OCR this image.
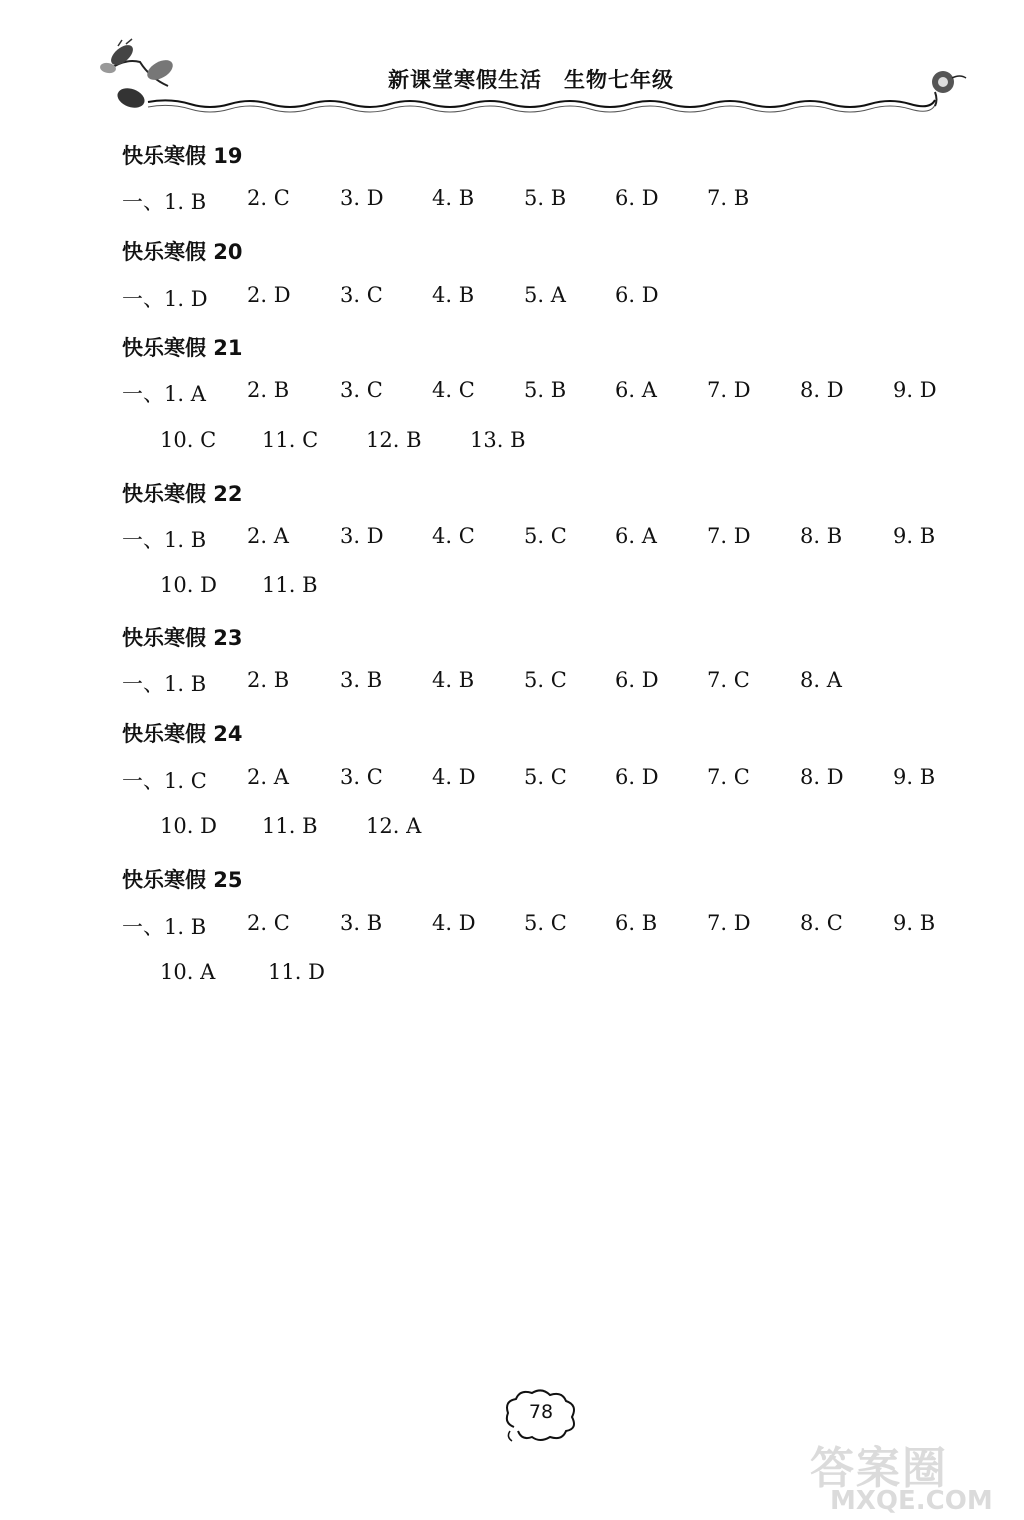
新课堂寒假生活　生物七年级
快乐寒假 19
一、1. B 2. C 3. D 4. B 5. B 6. D 7. B
快乐寒假 20
一、1. D 2. D 3. C 4. B 5. A 6. D
快乐寒假 21
一、1. A 2. B 3. C 4. C 5. B 6. A 7. D 8. D 9. D
10. C 11. C 12. B 13. B
快乐寒假 22
一、1. B 2. A 3. D 4. C 5. C 6. A 7. D 8. B 9. B
10. D 11. B
快乐寒假 23
一、1. B 2. B 3. B 4. B 5. C 6. D 7. C 8. A
快乐寒假 24
一、1. C 2. A 3. C 4. D 5. C 6. D 7. C 8. D 9. B
10. D 11. B 12. A
快乐寒假 25
一、1. B 2. C 3. B 4. D 5. C 6. B 7. D 8. C 9. B
10. A	11. D
78
答案圈
MXQE.COM
